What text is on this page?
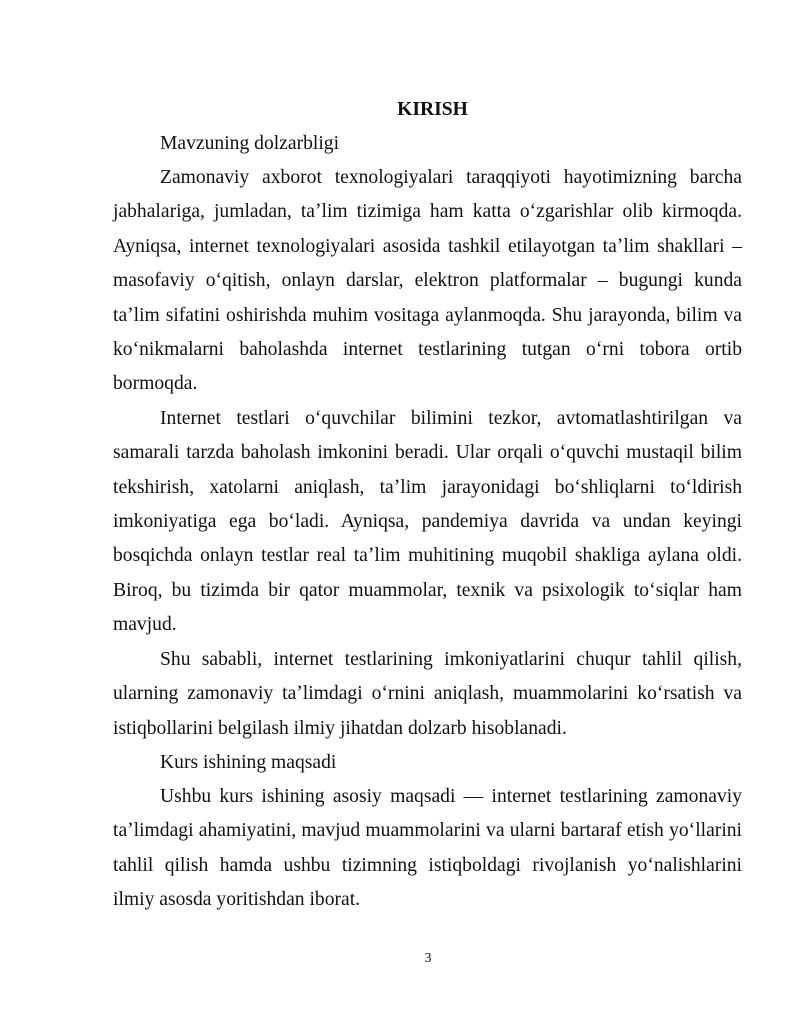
KIRISH

Mavzuning dolzarbligi

Zamonaviy axborot texnologiyalari taraqqiyoti hayotimizning barcha jabhalariga, jumladan, taʼlim tizimiga ham katta oʻzgarishlar olib kirmoqda. Ayniqsa, internet texnologiyalari asosida tashkil etilayotgan taʼlim shakllari – masofaviy oʻqitish, onlayn darslar, elektron platformalar – bugungi kunda taʼlim sifatini oshirishda muhim vositaga aylanmoqda. Shu jarayonda, bilim va koʻnikmalarni baholashda internet testlarining tutgan oʻrni tobora ortib bormoqda.

Internet testlari oʻquvchilar bilimini tezkor, avtomatlashtirilgan va samarali tarzda baholash imkonini beradi. Ular orqali oʻquvchi mustaqil bilim tekshirish, xatolarni aniqlash, taʼlim jarayonidagi boʻshliqlarni toʻldirish imkoniyatiga ega boʻladi. Ayniqsa, pandemiya davrida va undan keyingi bosqichda onlayn testlar real taʼlim muhitining muqobil shakliga aylana oldi. Biroq, bu tizimda bir qator muammolar, texnik va psixologik toʻsiqlar ham mavjud.

Shu sababli, internet testlarining imkoniyatlarini chuqur tahlil qilish, ularning zamonaviy taʼlimdagi oʻrnini aniqlash, muammolarini koʻrsatish va istiqbollarini belgilash ilmiy jihatdan dolzarb hisoblanadi.

Kurs ishining maqsadi

Ushbu kurs ishining asosiy maqsadi — internet testlarining zamonaviy taʼlimdagi ahamiyatini, mavjud muammolarini va ularni bartaraf etish yoʻllarini tahlil qilish hamda ushbu tizimning istiqboldagi rivojlanish yoʻnalishlarini ilmiy asosda yoritishdan iborat.

3
